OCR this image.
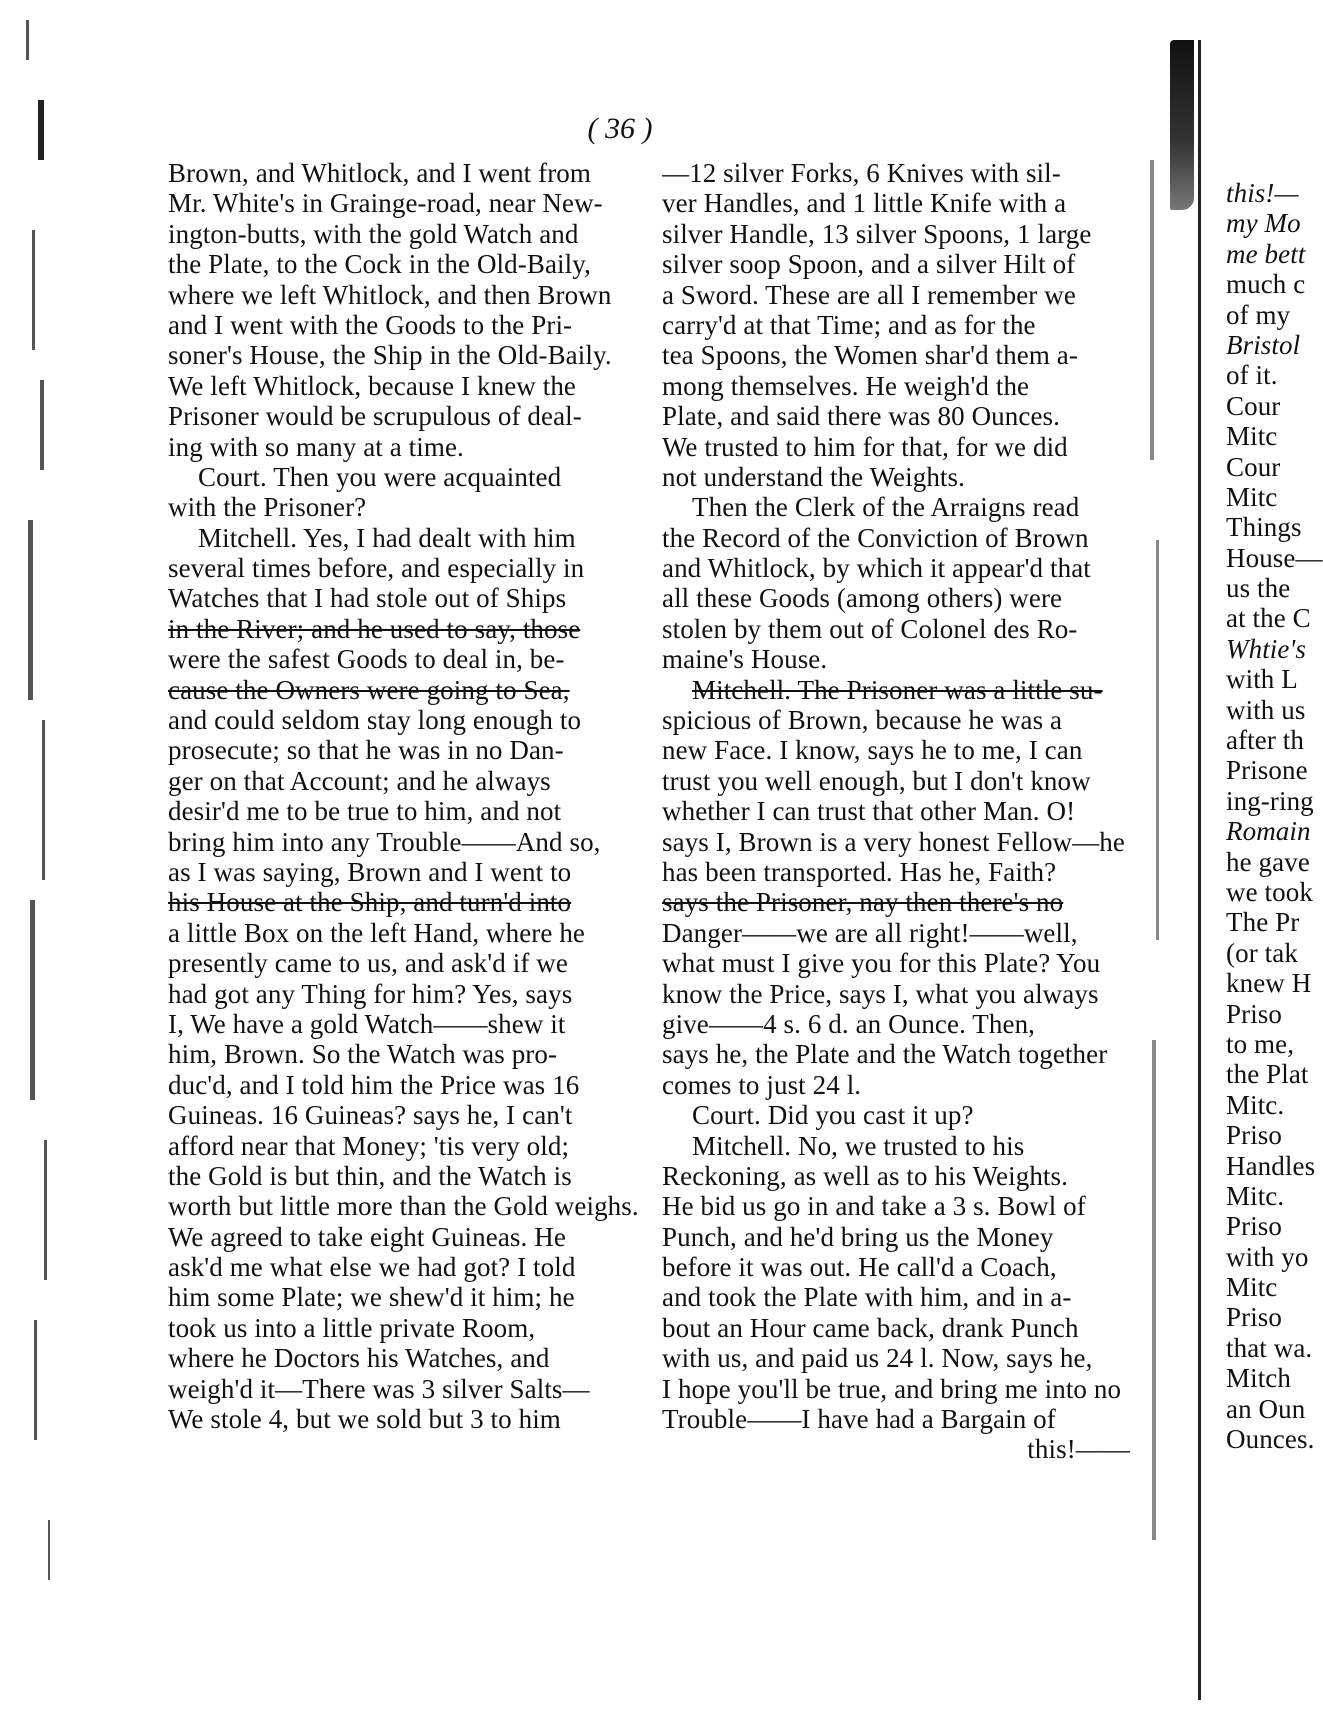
( 36 )
Brown, and Whitlock, and I went from
Mr. White's in Grainge-road, near New-
ington-butts, with the gold Watch and
the Plate, to the Cock in the Old-Baily,
where we left Whitlock, and then Brown
and I went with the Goods to the Pri-
soner's House, the Ship in the Old-Baily.
We left Whitlock, because I knew the
Prisoner would be scrupulous of deal-
ing with so many at a time.
Court. Then you were acquainted
with the Prisoner?
Mitchell. Yes, I had dealt with him
several times before, and especially in
Watches that I had stole out of Ships
in the River; and he used to say, those
were the safest Goods to deal in, be-
cause the Owners were going to Sea,
and could seldom stay long enough to
prosecute; so that he was in no Dan-
ger on that Account; and he always
desir'd me to be true to him, and not
bring him into any Trouble——And so,
as I was saying, Brown and I went to
his House at the Ship, and turn'd into
a little Box on the left Hand, where he
presently came to us, and ask'd if we
had got any Thing for him? Yes, says
I, We have a gold Watch——shew it
him, Brown. So the Watch was pro-
duc'd, and I told him the Price was 16
Guineas. 16 Guineas? says he, I can't
afford near that Money; 'tis very old;
the Gold is but thin, and the Watch is
worth but little more than the Gold weighs.
We agreed to take eight Guineas. He
ask'd me what else we had got? I told
him some Plate; we shew'd it him; he
took us into a little private Room,
where he Doctors his Watches, and
weigh'd it—There was 3 silver Salts—
We stole 4, but we sold but 3 to him
—12 silver Forks, 6 Knives with sil-
ver Handles, and 1 little Knife with a
silver Handle, 13 silver Spoons, 1 large
silver soop Spoon, and a silver Hilt of
a Sword. These are all I remember we
carry'd at that Time; and as for the
tea Spoons, the Women shar'd them a-
mong themselves. He weigh'd the
Plate, and said there was 80 Ounces.
We trusted to him for that, for we did
not understand the Weights.
Then the Clerk of the Arraigns read
the Record of the Conviction of Brown
and Whitlock, by which it appear'd that
all these Goods (among others) were
stolen by them out of Colonel des Ro-
maine's House.
Mitchell. The Prisoner was a little su-
spicious of Brown, because he was a
new Face. I know, says he to me, I can
trust you well enough, but I don't know
whether I can trust that other Man. O!
says I, Brown is a very honest Fellow—he
has been transported. Has he, Faith?
says the Prisoner, nay then there's no
Danger——we are all right!——well,
what must I give you for this Plate? You
know the Price, says I, what you always
give——4 s. 6 d. an Ounce. Then,
says he, the Plate and the Watch together
comes to just 24 l.
Court. Did you cast it up?
Mitchell. No, we trusted to his
Reckoning, as well as to his Weights.
He bid us go in and take a 3 s. Bowl of
Punch, and he'd bring us the Money
before it was out. He call'd a Coach,
and took the Plate with him, and in a-
bout an Hour came back, drank Punch
with us, and paid us 24 l. Now, says he,
I hope you'll be true, and bring me into no
Trouble——I have had a Bargain of
this!——
this!—
my Mo
me bett
much c
of my
Bristol
of it.
Cour
Mitc
Cour
Mitc
Things
House—
us the
at the C
Whtie's
with L
with us
after th
Prisone
ing-ring
Romain
he gave
we took
The Pr
(or tak
knew H
Priso
to me,
the Plat
Mitc.
Priso
Handles
Mitc.
Priso
with yo
Mitc
Priso
that wa.
Mitch
an Oun
Ounces.
